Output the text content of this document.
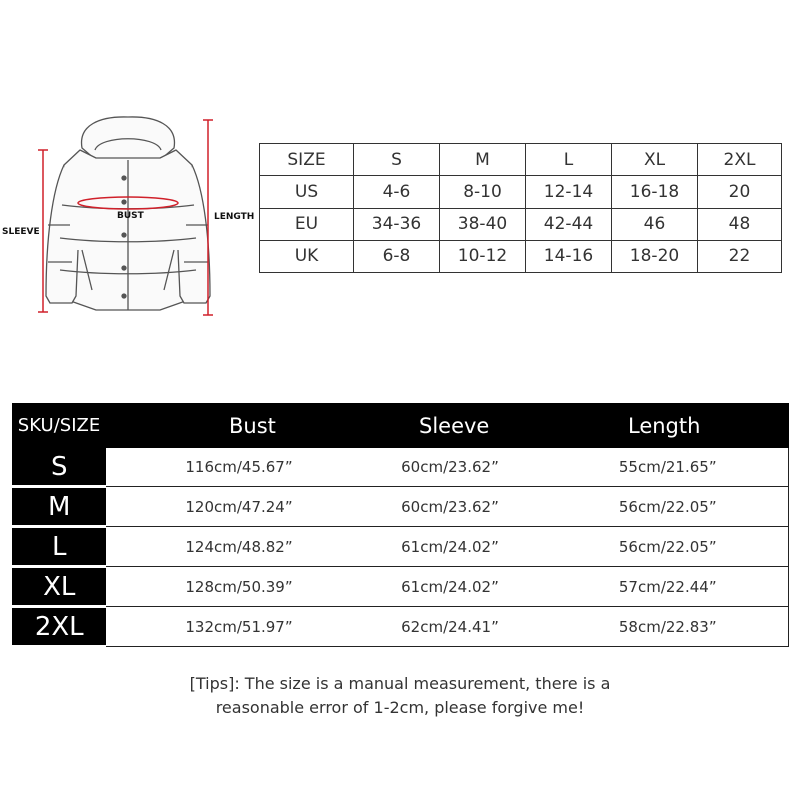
SLEEVE
BUST	LENGTH
SIZE	S	M	L	XL	2XL
US	4-6	8-10	12-14	16-18	20
EU	34-36	38-40	42-44	46	48
UK	6-8	10-12	14-16	18-20	22
SKU/SIZE	Bust	Sleeve	Length
S	116cm/45.67”	60cm/23.62”	55cm/21.65”
M	120cm/47.24”	60cm/23.62”	56cm/22.05”
L	124cm/48.82”	61cm/24.02”	56cm/22.05”
XL	128cm/50.39”	61cm/24.02”	57cm/22.44”
2XL	132cm/51.97”	62cm/24.41”	58cm/22.83”
[Tips]: The size is a manual measurement, there is a
reasonable error of 1-2cm, please forgive me!
